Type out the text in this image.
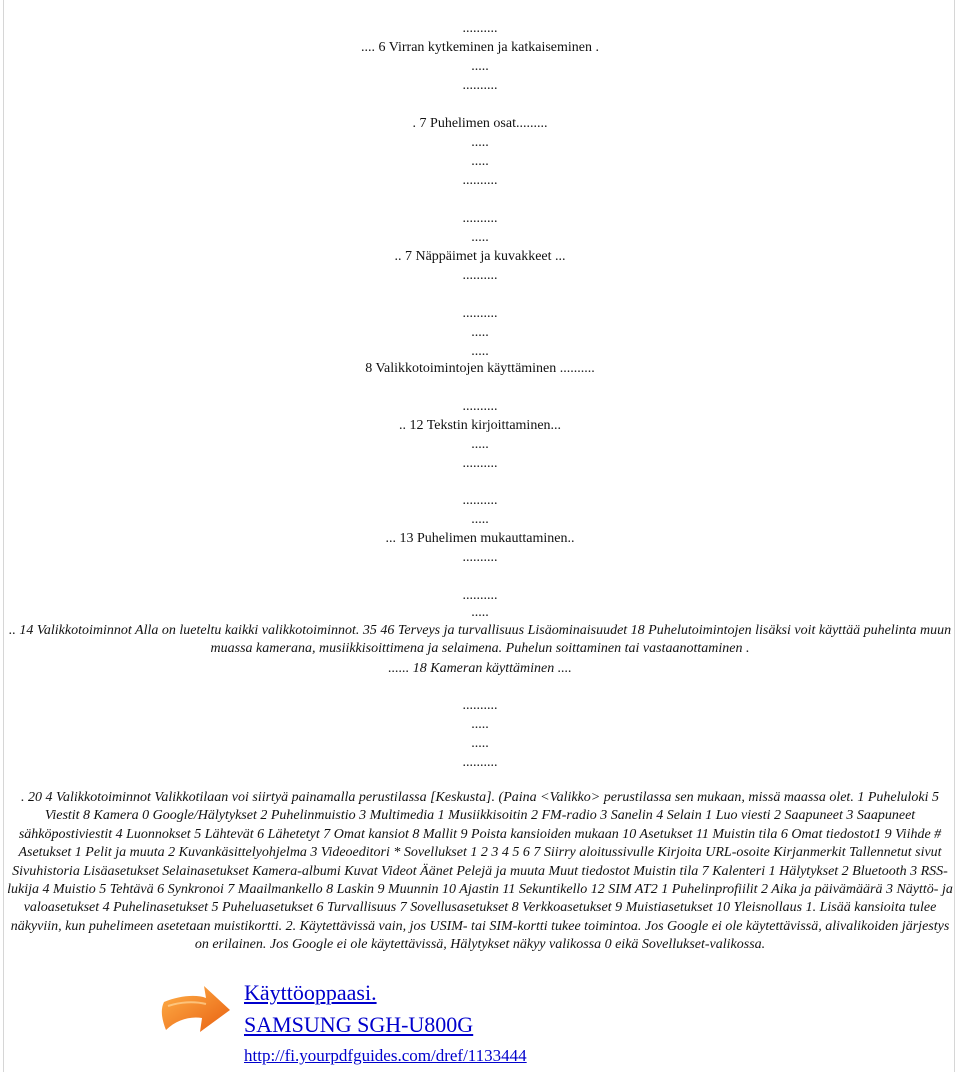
..........
.... 6 Virran kytkeminen ja katkaiseminen .
.....
..........
. 7 Puhelimen osat.........
.....
.....
..........
..........
.....
.. 7 Näppäimet ja kuvakkeet ...
..........
..........
.....
.....
8 Valikkotoimintojen käyttäminen ..........
..........
.. 12 Tekstin kirjoittaminen...
.....
..........
..........
.....
... 13 Puhelimen mukauttaminen..
..........
..........
.....
.. 14 Valikkotoiminnot Alla on lueteltu kaikki valikkotoiminnot. 35 46 Terveys ja turvallisuus Lisäominaisuudet 18 Puhelutoimintojen lisäksi voit käyttää puhelinta muun muassa kamerana, musiikkisoittimena ja selaimena. Puhelun soittaminen tai vastaanottaminen .
...... 18 Kameran käyttäminen ....
..........
.....
.....
..........
. 20 4 Valikkotoiminnot Valikkotilaan voi siirtyä painamalla perustilassa [Keskusta]. (Paina <Valikko> perustilassa sen mukaan, missä maassa olet. 1 Puheluloki 5 Viestit 8 Kamera 0 Google/Hälytykset 2 Puhelinmuistio 3 Multimedia 1 Musiikkisoitin 2 FM-radio 3 Sanelin 4 Selain 1 Luo viesti 2 Saapuneet 3 Saapuneet sähköpostiviestit 4 Luonnokset 5 Lähtevät 6 Lähetetyt 7 Omat kansiot 8 Mallit 9 Poista kansioiden mukaan 10 Asetukset 11 Muistin tila 6 Omat tiedostot1 9 Viihde # Asetukset 1 Pelit ja muuta 2 Kuvankäsittelyohjelma 3 Videoeditori * Sovellukset 1 2 3 4 5 6 7 Siirry aloitussivulle Kirjoita URL-osoite Kirjanmerkit Tallennetut sivut Sivuhistoria Lisäasetukset Selainasetukset Kamera-albumi Kuvat Videot Äänet Pelejä ja muuta Muut tiedostot Muistin tila 7 Kalenteri 1 Hälytykset 2 Bluetooth 3 RSS-lukija 4 Muistio 5 Tehtävä 6 Synkronoi 7 Maailmankello 8 Laskin 9 Muunnin 10 Ajastin 11 Sekuntikello 12 SIM AT2 1 Puhelinprofiilit 2 Aika ja päivämäärä 3 Näyttö- ja valoasetukset 4 Puhelinasetukset 5 Puheluasetukset 6 Turvallisuus 7 Sovellusasetukset 8 Verkkoasetukset 9 Muistiasetukset 10 Yleisnollaus 1. Lisää kansioita tulee näkyviin, kun puhelimeen asetetaan muistikortti. 2. Käytettävissä vain, jos USIM- tai SIM-kortti tukee toimintoa. Jos Google ei ole käytettävissä, alivalikoiden järjestys on erilainen. Jos Google ei ole käytettävissä, Hälytykset näkyy valikossa 0 eikä Sovellukset-valikossa.
Käyttöoppaasi.
SAMSUNG SGH-U800G
http://fi.yourpdfguides.com/dref/1133444
